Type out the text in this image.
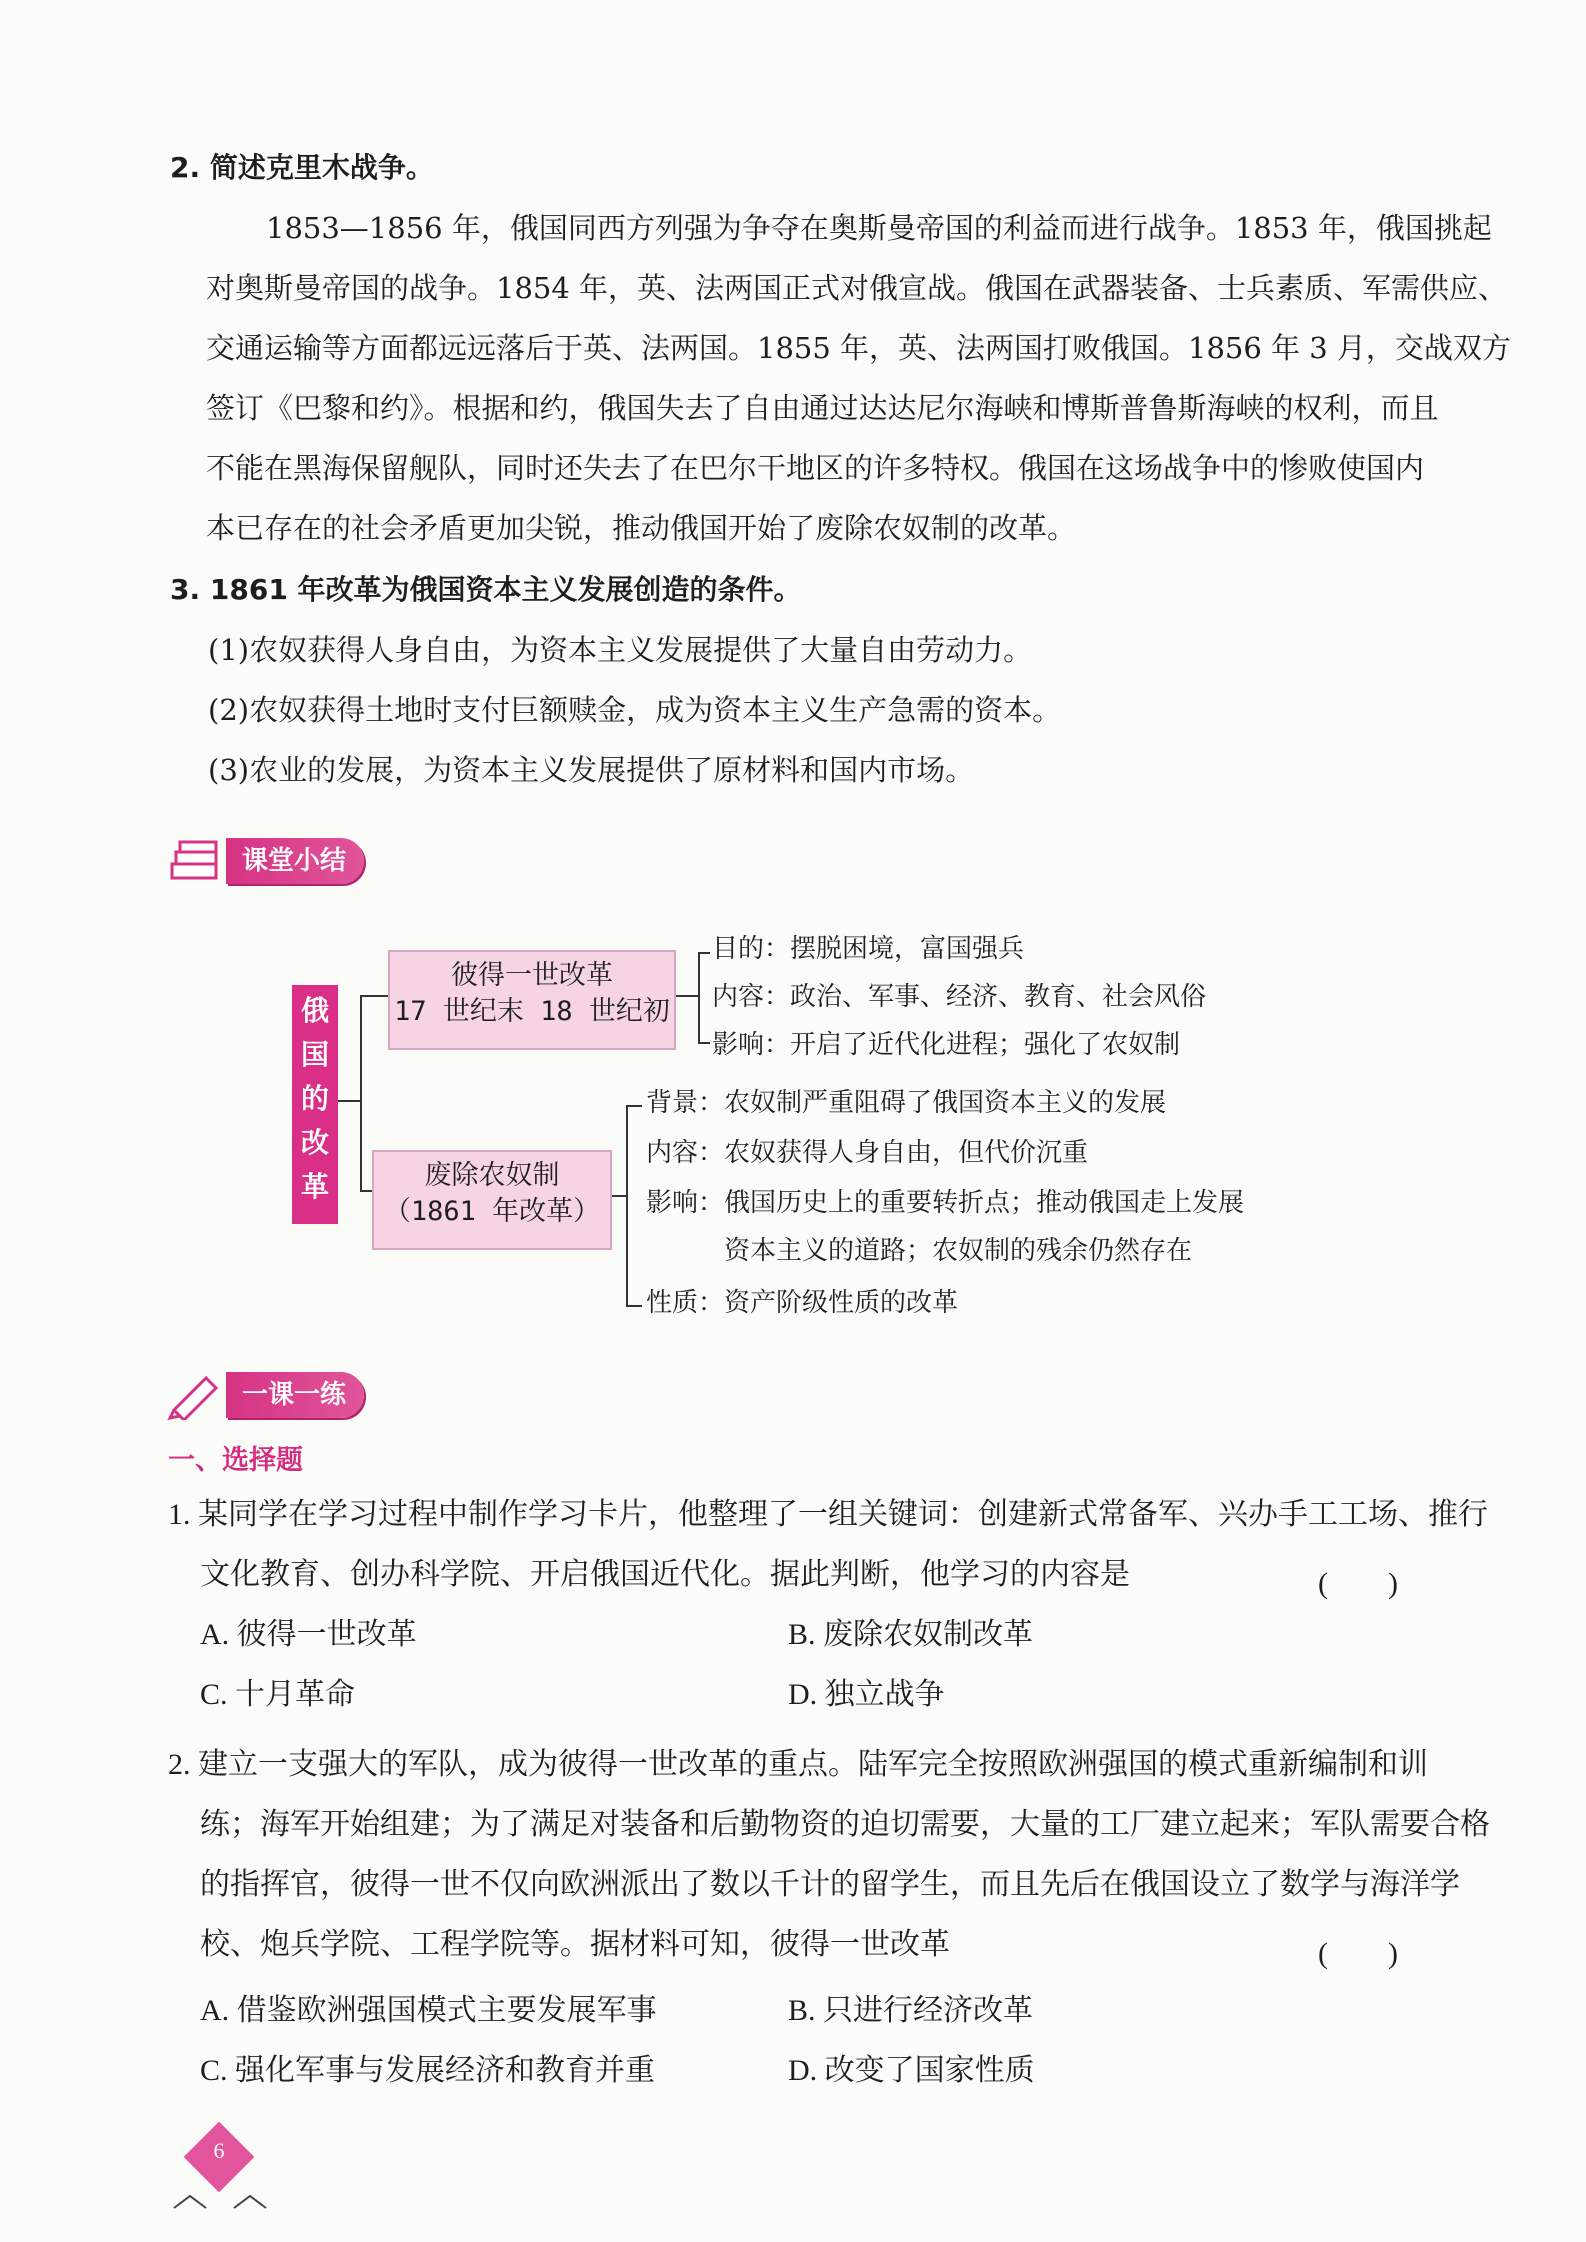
2. 简述克里木战争。
1853—1856 年，俄国同西方列强为争夺在奥斯曼帝国的利益而进行战争。1853 年，俄国挑起
对奥斯曼帝国的战争。1854 年，英、法两国正式对俄宣战。俄国在武器装备、士兵素质、军需供应、
交通运输等方面都远远落后于英、法两国。1855 年，英、法两国打败俄国。1856 年 3 月，交战双方
签订《巴黎和约》。根据和约，俄国失去了自由通过达达尼尔海峡和博斯普鲁斯海峡的权利，而且
不能在黑海保留舰队，同时还失去了在巴尔干地区的许多特权。俄国在这场战争中的惨败使国内
本已存在的社会矛盾更加尖锐，推动俄国开始了废除农奴制的改革。
3. 1861 年改革为俄国资本主义发展创造的条件。
(1)农奴获得人身自由，为资本主义发展提供了大量自由劳动力。
(2)农奴获得土地时支付巨额赎金，成为资本主义生产急需的资本。
(3)农业的发展，为资本主义发展提供了原材料和国内市场。
课堂小结
俄
国
的
改
革
彼得一世改革
17 世纪末 18 世纪初
目的：摆脱困境，富国强兵
内容：政治、军事、经济、教育、社会风俗
影响：开启了近代化进程；强化了农奴制
废除农奴制
（1861 年改革）
背景：农奴制严重阻碍了俄国资本主义的发展
内容：农奴获得人身自由，但代价沉重
影响：俄国历史上的重要转折点；推动俄国走上发展
资本主义的道路；农奴制的残余仍然存在
性质：资产阶级性质的改革
一课一练
一、选择题
1. 某同学在学习过程中制作学习卡片，他整理了一组关键词：创建新式常备军、兴办手工工场、推行
文化教育、创办科学院、开启俄国近代化。据此判断，他学习的内容是	(　　)
A. 彼得一世改革	B. 废除农奴制改革
C. 十月革命	D. 独立战争
2. 建立一支强大的军队，成为彼得一世改革的重点。陆军完全按照欧洲强国的模式重新编制和训
练；海军开始组建；为了满足对装备和后勤物资的迫切需要，大量的工厂建立起来；军队需要合格
的指挥官，彼得一世不仅向欧洲派出了数以千计的留学生，而且先后在俄国设立了数学与海洋学
校、炮兵学院、工程学院等。据材料可知，彼得一世改革	(　　)
A. 借鉴欧洲强国模式主要发展军事	B. 只进行经济改革
C. 强化军事与发展经济和教育并重	D. 改变了国家性质
6
